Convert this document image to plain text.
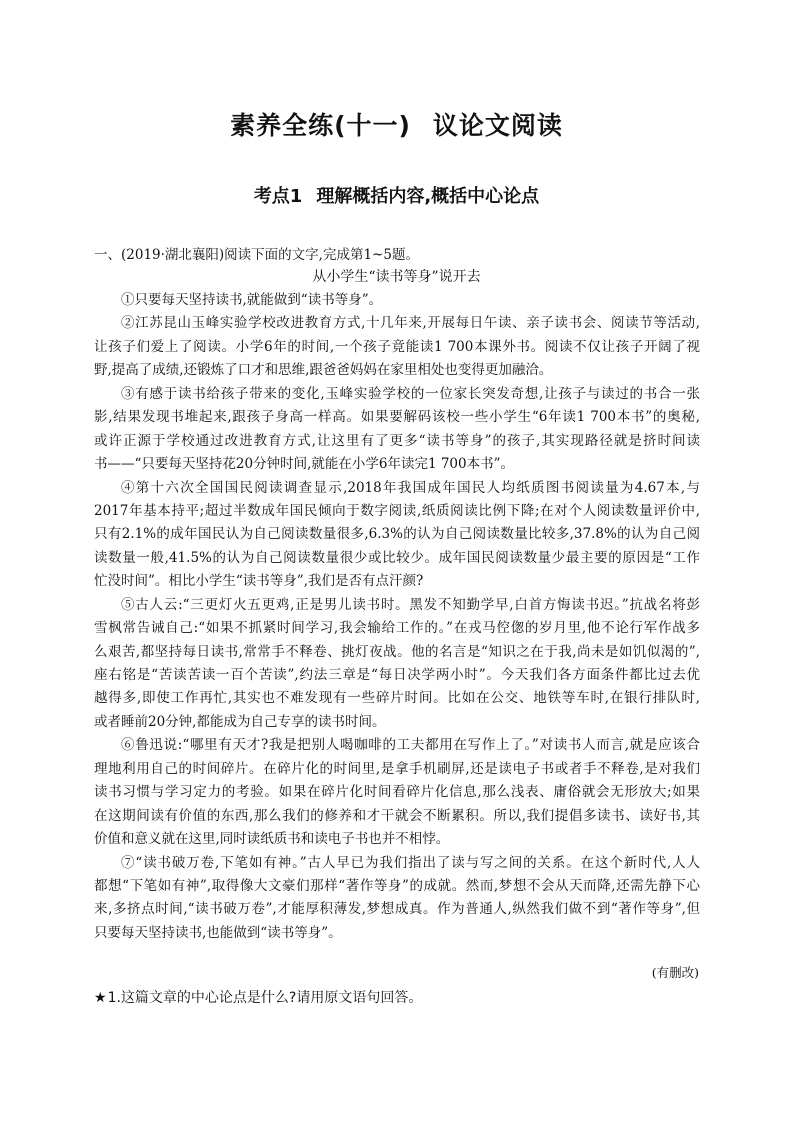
素养全练(十一) 议论文阅读
考点1 理解概括内容,概括中心论点
一、(2019·湖北襄阳)阅读下面的文字,完成第1~5题。
从小学生“读书等身”说开去
①只要每天坚持读书,就能做到“读书等身”。
②江苏昆山玉峰实验学校改进教育方式,十几年来,开展每日午读、亲子读书会、阅读节等活动,
让孩子们爱上了阅读。小学6年的时间,一个孩子竟能读1 700本课外书。阅读不仅让孩子开阔了视
野,提高了成绩,还锻炼了口才和思维,跟爸爸妈妈在家里相处也变得更加融洽。
③有感于读书给孩子带来的变化,玉峰实验学校的一位家长突发奇想,让孩子与读过的书合一张
影,结果发现书堆起来,跟孩子身高一样高。如果要解码该校一些小学生“6年读1 700本书”的奥秘,
或许正源于学校通过改进教育方式,让这里有了更多“读书等身”的孩子,其实现路径就是挤时间读
书——“只要每天坚持花20分钟时间,就能在小学6年读完1 700本书”。
④第十六次全国国民阅读调查显示,2018年我国成年国民人均纸质图书阅读量为4.67本,与
2017年基本持平;超过半数成年国民倾向于数字阅读,纸质阅读比例下降;在对个人阅读数量评价中,
只有2.1%的成年国民认为自己阅读数量很多,6.3%的认为自己阅读数量比较多,37.8%的认为自己阅
读数量一般,41.5%的认为自己阅读数量很少或比较少。成年国民阅读数量少最主要的原因是“工作
忙没时间”。相比小学生“读书等身”,我们是否有点汗颜?
⑤古人云:“三更灯火五更鸡,正是男儿读书时。黑发不知勤学早,白首方悔读书迟。”抗战名将彭
雪枫常告诫自己:“如果不抓紧时间学习,我会输给工作的。”在戎马倥偬的岁月里,他不论行军作战多
么艰苦,都坚持每日读书,常常手不释卷、挑灯夜战。他的名言是“知识之在于我,尚未是如饥似渴的”,
座右铭是“苦读苦读一百个苦读”,约法三章是“每日决学两小时”。今天我们各方面条件都比过去优
越得多,即使工作再忙,其实也不难发现有一些碎片时间。比如在公交、地铁等车时,在银行排队时,
或者睡前20分钟,都能成为自己专享的读书时间。
⑥鲁迅说:“哪里有天才?我是把别人喝咖啡的工夫都用在写作上了。”对读书人而言,就是应该合
理地利用自己的时间碎片。在碎片化的时间里,是拿手机刷屏,还是读电子书或者手不释卷,是对我们
读书习惯与学习定力的考验。如果在碎片化时间看碎片化信息,那么浅表、庸俗就会无形放大;如果
在这期间读有价值的东西,那么我们的修养和才干就会不断累积。所以,我们提倡多读书、读好书,其
价值和意义就在这里,同时读纸质书和读电子书也并不相悖。
⑦“读书破万卷,下笔如有神。”古人早已为我们指出了读与写之间的关系。在这个新时代,人人
都想“下笔如有神”,取得像大文豪们那样“著作等身”的成就。然而,梦想不会从天而降,还需先静下心
来,多挤点时间,“读书破万卷”,才能厚积薄发,梦想成真。作为普通人,纵然我们做不到“著作等身”,但
只要每天坚持读书,也能做到“读书等身”。
(有删改)
★1.这篇文章的中心论点是什么?请用原文语句回答。
